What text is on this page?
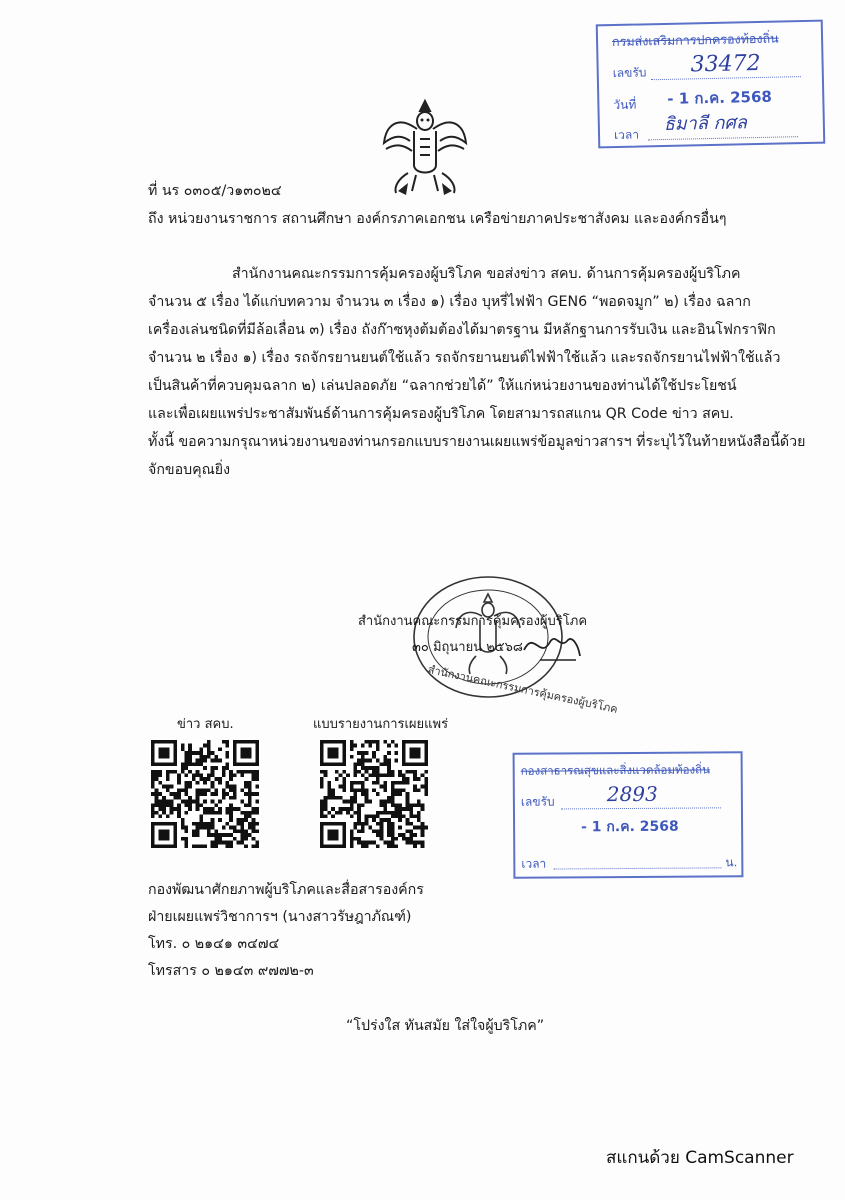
กรมส่งเสริมการปกครองท้องถิ่น
เลขรับ 33472
วันที่ - 1 ก.ค. 2568
เวลา ธิมาลี กศล
ที่ นร ๐๓๐๕/ว๑๓๐๒๔
ถึง หน่วยงานราชการ สถานศึกษา องค์กรภาคเอกชน เครือข่ายภาคประชาสังคม และองค์กรอื่นๆ
สำนักงานคณะกรรมการคุ้มครองผู้บริโภค ขอส่งข่าว สคบ. ด้านการคุ้มครองผู้บริโภค
จำนวน ๕ เรื่อง ได้แก่บทความ จำนวน ๓ เรื่อง ๑) เรื่อง บุหรี่ไฟฟ้า GEN6 “พอดจมูก” ๒) เรื่อง ฉลาก
เครื่องเล่นชนิดที่มีล้อเลื่อน ๓) เรื่อง ถังก๊าซหุงต้มต้องได้มาตรฐาน มีหลักฐานการรับเงิน และอินโฟกราฟิก
จำนวน ๒ เรื่อง ๑) เรื่อง รถจักรยานยนต์ใช้แล้ว รถจักรยานยนต์ไฟฟ้าใช้แล้ว และรถจักรยานไฟฟ้าใช้แล้ว
เป็นสินค้าที่ควบคุมฉลาก ๒) เล่นปลอดภัย “ฉลากช่วยได้” ให้แก่หน่วยงานของท่านได้ใช้ประโยชน์
และเพื่อเผยแพร่ประชาสัมพันธ์ด้านการคุ้มครองผู้บริโภค โดยสามารถสแกน QR Code ข่าว สคบ.
ทั้งนี้ ขอความกรุณาหน่วยงานของท่านกรอกแบบรายงานเผยแพร่ข้อมูลข่าวสารฯ ที่ระบุไว้ในท้ายหนังสือนี้ด้วย
จักขอบคุณยิ่ง
สำนักงานคณะกรรมการคุ้มครองผู้บริโภค
๓๐ มิถุนายน ๒๕๖๘
สำนักงานคณะกรรมการคุ้มครองผู้บริโภค
ข่าว สคบ.	แบบรายงานการเผยแพร่
กองสาธารณสุขและสิ่งแวดล้อมท้องถิ่น
เลขรับ	2893
- 1 ก.ค. 2568
เวลา	น.
กองพัฒนาศักยภาพผู้บริโภคและสื่อสารองค์กร
ฝ่ายเผยแพร่วิชาการฯ (นางสาวรัษฎาภัณฑ์)
โทร. ๐ ๒๑๔๑ ๓๔๗๔
โทรสาร ๐ ๒๑๔๓ ๙๗๗๒-๓
“โปร่งใส ทันสมัย ใส่ใจผู้บริโภค”
สแกนด้วย CamScanner
